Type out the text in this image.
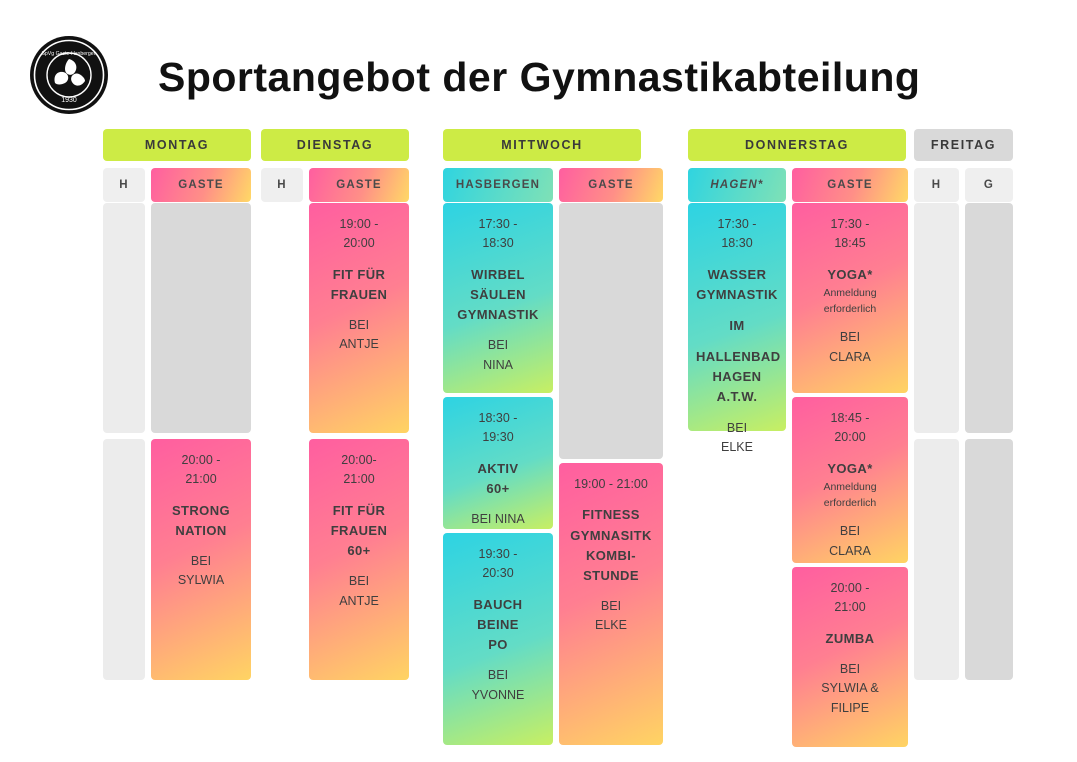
SpVg Gaste-Hasbergen
1930
Sportangebot der Gymnastikabteilung
MONTAG
H	GASTE
20:00 -
21:00
STRONG
NATION
BEI
SYLWIA
DIENSTAG
H	GASTE
19:00 -
20:00
FIT FÜR
FRAUEN
BEI
ANTJE
20:00-
21:00
FIT FÜR
FRAUEN
60+
BEI
ANTJE
MITTWOCH
HASBERGEN	GASTE
17:30 -
18:30
WIRBEL
SÄULEN
GYMNASTIK
BEI
NINA
18:30 -
19:30
AKTIV
60+
BEI NINA
19:30 -
20:30
BAUCH
BEINE
PO
BEI
YVONNE
19:00 - 21:00
FITNESS
GYMNASITK
KOMBI-
STUNDE
BEI
ELKE
DONNERSTAG
HAGEN*	GASTE
17:30 -
18:30
WASSER
GYMNASTIK
IM
HALLENBAD
HAGEN A.T.W.
BEI
ELKE
17:30 -
18:45
YOGA*
Anmeldung
erforderlich
BEI
CLARA
18:45 -
20:00
YOGA*
Anmeldung
erforderlich
BEI
CLARA
20:00 -
21:00
ZUMBA
BEI
SYLWIA &
FILIPE
FREITAG
H	G
